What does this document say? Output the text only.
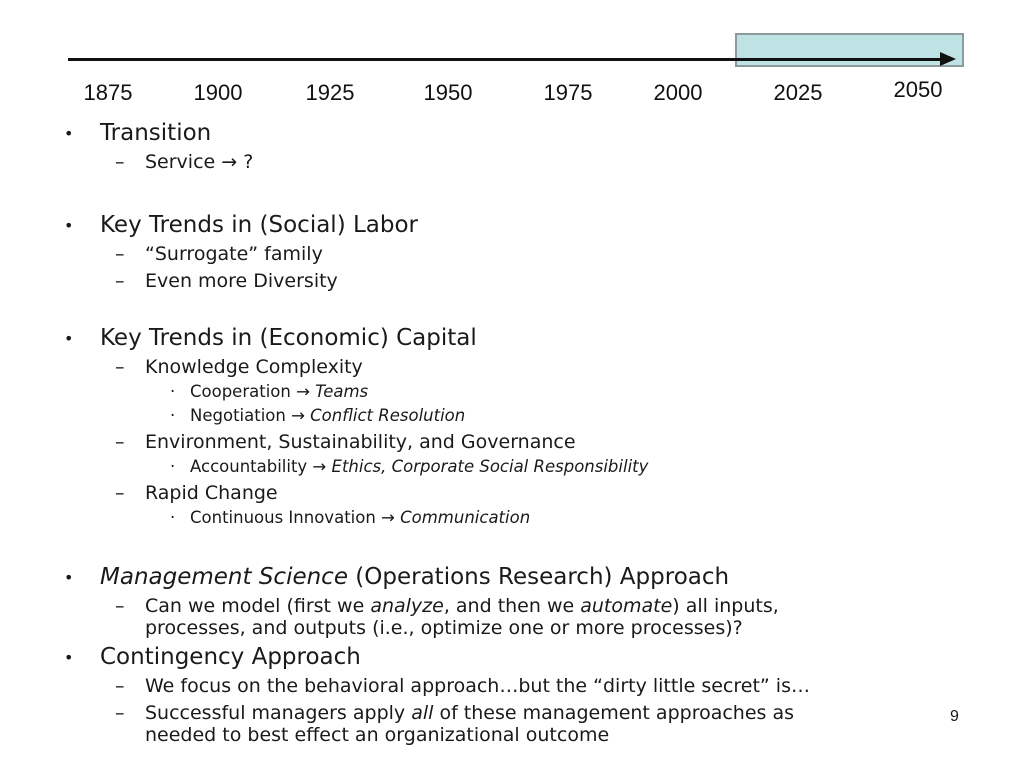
1875	1900	1925	1950	1975	2000	2025	2050
• Transition
– Service → ?
• Key Trends in (Social) Labor
– “Surrogate” family
– Even more Diversity
• Key Trends in (Economic) Capital
– Knowledge Complexity
· Cooperation → Teams
· Negotiation → Conflict Resolution
– Environment, Sustainability, and Governance
· Accountability → Ethics, Corporate Social Responsibility
– Rapid Change
· Continuous Innovation → Communication
• Management Science (Operations Research) Approach
– Can we model (first we analyze, and then we automate) all inputs,
processes, and outputs (i.e., optimize one or more processes)?
• Contingency Approach
– We focus on the behavioral approach…but the “dirty little secret” is…
– Successful managers apply all of these management approaches as
needed to best effect an organizational outcome
9
